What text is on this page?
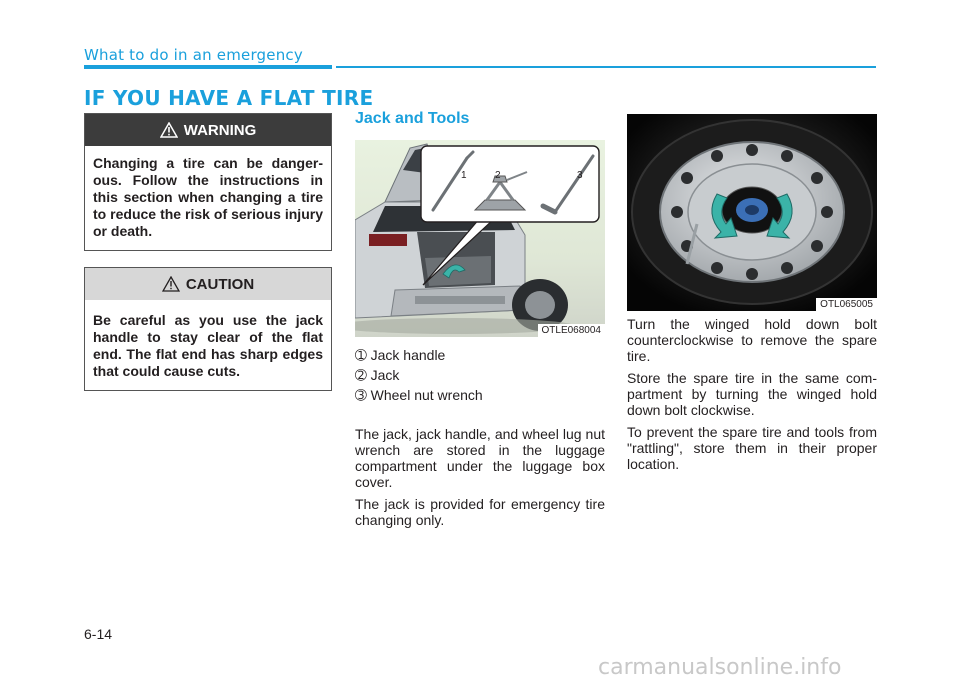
What to do in an emergency
IF YOU HAVE A FLAT TIRE
WARNING
Changing a tire can be danger-ous. Follow the instructions in this section when changing a tire to reduce the risk of serious injury or death.
CAUTION
Be careful as you use the jack handle to stay clear of the flat end. The flat end has sharp edges that could cause cuts.
Jack and Tools
1	2	3
OTLE068004
➀ Jack handle
➁ Jack
➂ Wheel nut wrench

The jack, jack handle, and wheel lug nut wrench are stored in the luggage compartment under the luggage box cover.

The jack is provided for emergency tire changing only.

OTL065005

Turn the winged hold down bolt counterclockwise to remove the spare tire.

Store the spare tire in the same com-partment by turning the winged hold down bolt clockwise.

To prevent the spare tire and tools from "rattling", store them in their proper location.

6-14
carmanualsonline.info
